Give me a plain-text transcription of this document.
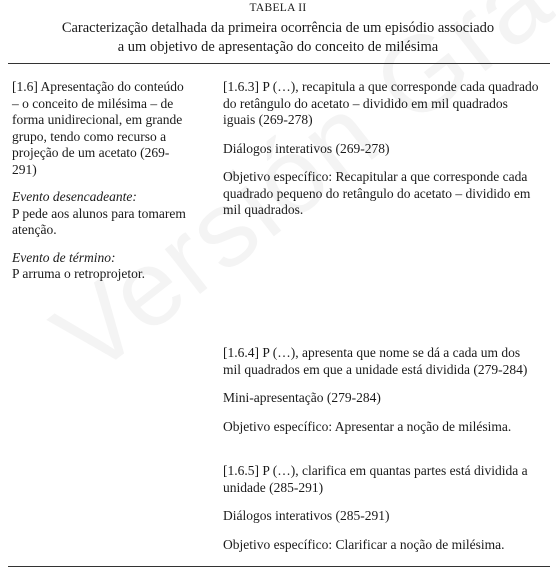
TABELA II
Caracterização detalhada da primeira ocorrência de um episódio associado
a um objetivo de apresentação do conceito de milésima

[1.6] Apresentação do conteúdo – o conceito de milésima – de forma unidirecional, em grande grupo, tendo como recurso a projeção de um acetato (269-291)

Evento desencadeante:
P pede aos alunos para tomarem atenção.

Evento de término:
P arruma o retroprojetor.

[1.6.3] P (…), recapitula a que corresponde cada quadrado do retângulo do acetato – dividido em mil quadrados iguais (269-278)

Diálogos interativos (269-278)

Objetivo específico: Recapitular a que corresponde cada quadrado pequeno do retângulo do acetato – dividido em mil quadrados.

[1.6.4] P (…), apresenta que nome se dá a cada um dos mil quadrados em que a unidade está dividida (279-284)

Mini-apresentação (279-284)

Objetivo específico: Apresentar a noção de milésima.

[1.6.5] P (…), clarifica em quantas partes está dividida a unidade (285-291)

Diálogos interativos (285-291)

Objetivo específico: Clarificar a noção de milésima.
